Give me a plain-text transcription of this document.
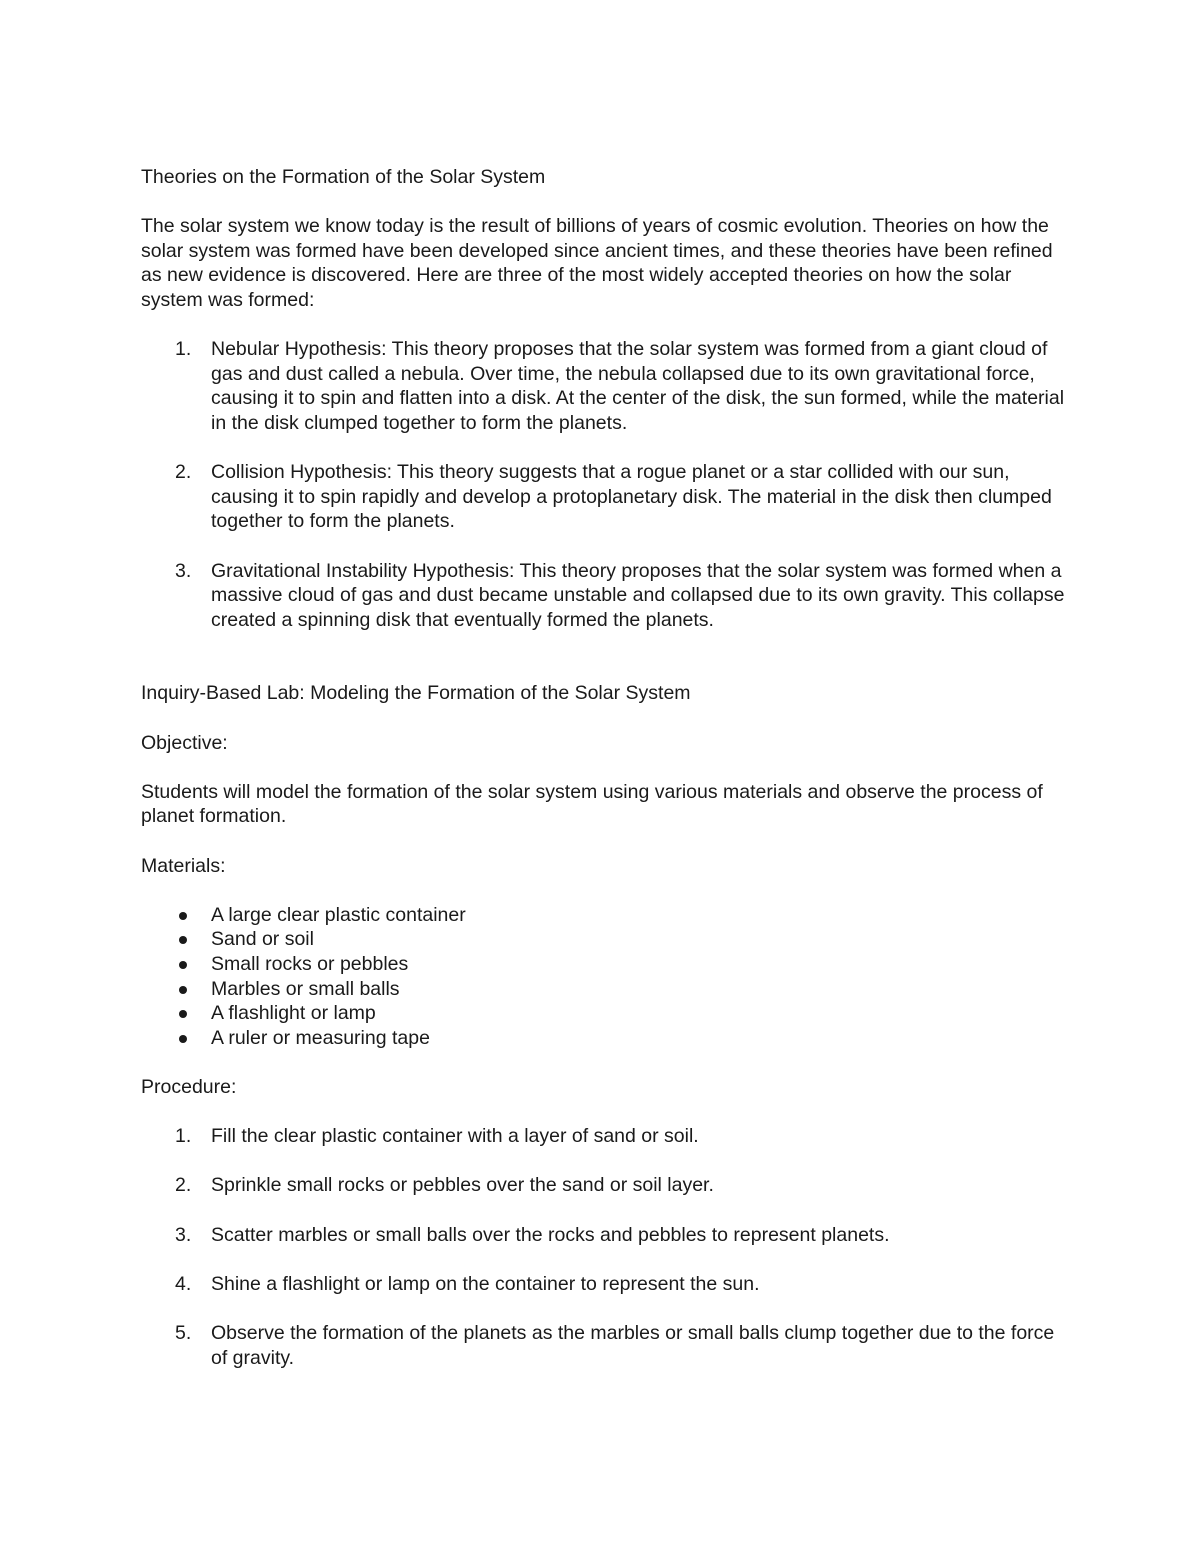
Theories on the Formation of the Solar System

The solar system we know today is the result of billions of years of cosmic evolution. Theories on how the solar system was formed have been developed since ancient times, and these theories have been refined as new evidence is discovered. Here are three of the most widely accepted theories on how the solar system was formed:

1.	Nebular Hypothesis: This theory proposes that the solar system was formed from a giant cloud of gas and dust called a nebula. Over time, the nebula collapsed due to its own gravitational force, causing it to spin and flatten into a disk. At the center of the disk, the sun formed, while the material in the disk clumped together to form the planets.
2.	Collision Hypothesis: This theory suggests that a rogue planet or a star collided with our sun, causing it to spin rapidly and develop a protoplanetary disk. The material in the disk then clumped together to form the planets.
3.	Gravitational Instability Hypothesis: This theory proposes that the solar system was formed when a massive cloud of gas and dust became unstable and collapsed due to its own gravity. This collapse created a spinning disk that eventually formed the planets.

Inquiry-Based Lab: Modeling the Formation of the Solar System

Objective:

Students will model the formation of the solar system using various materials and observe the process of planet formation.

Materials:

A large clear plastic container
Sand or soil
Small rocks or pebbles
Marbles or small balls
A flashlight or lamp
A ruler or measuring tape

Procedure:

1.	Fill the clear plastic container with a layer of sand or soil.
2.	Sprinkle small rocks or pebbles over the sand or soil layer.
3.	Scatter marbles or small balls over the rocks and pebbles to represent planets.
4.	Shine a flashlight or lamp on the container to represent the sun.
5.	Observe the formation of the planets as the marbles or small balls clump together due to the force of gravity.
